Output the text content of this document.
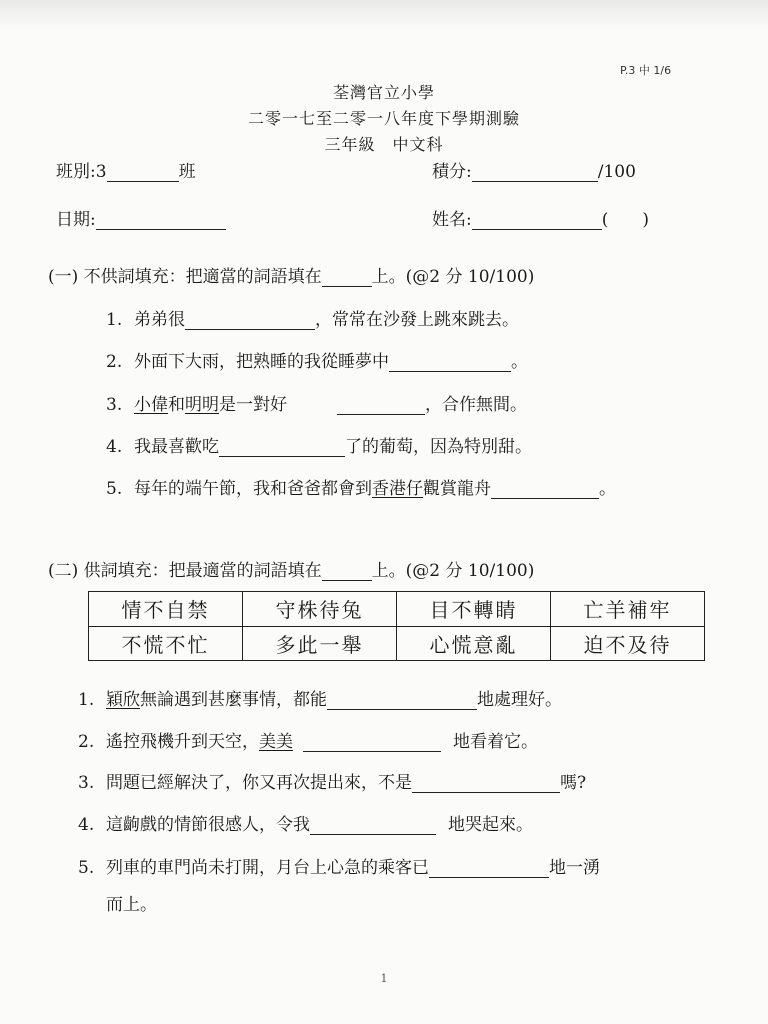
P.3 中 1/6
荃灣官立小學
二零一七至二零一八年度下學期測驗
三年級　中文科
班別:3	班	積分:	/100
日期:	姓名:	(　　)
(一) 不供詞填充：把適當的詞語填在	上。(@2 分 10/100)
1. 弟弟很	，常常在沙發上跳來跳去。
2. 外面下大雨，把熟睡的我從睡夢中	。
3. 小偉和明明是一對好	，合作無間。
4. 我最喜歡吃	了的葡萄，因為特別甜。
5. 每年的端午節，我和爸爸都會到香港仔觀賞龍舟	。
(二) 供詞填充：把最適當的詞語填在	上。(@2 分 10/100)
情不自禁	守株待兔	目不轉睛	亡羊補牢
不慌不忙	多此一舉	心慌意亂	迫不及待
1. 穎欣無論遇到甚麼事情，都能	地處理好。
2. 遙控飛機升到天空，美美	地看着它。
3. 問題已經解決了，你又再次提出來，不是	嗎?
4. 這齣戲的情節很感人，令我	地哭起來。
5. 列車的車門尚未打開，月台上心急的乘客已	地一湧
而上。
1
